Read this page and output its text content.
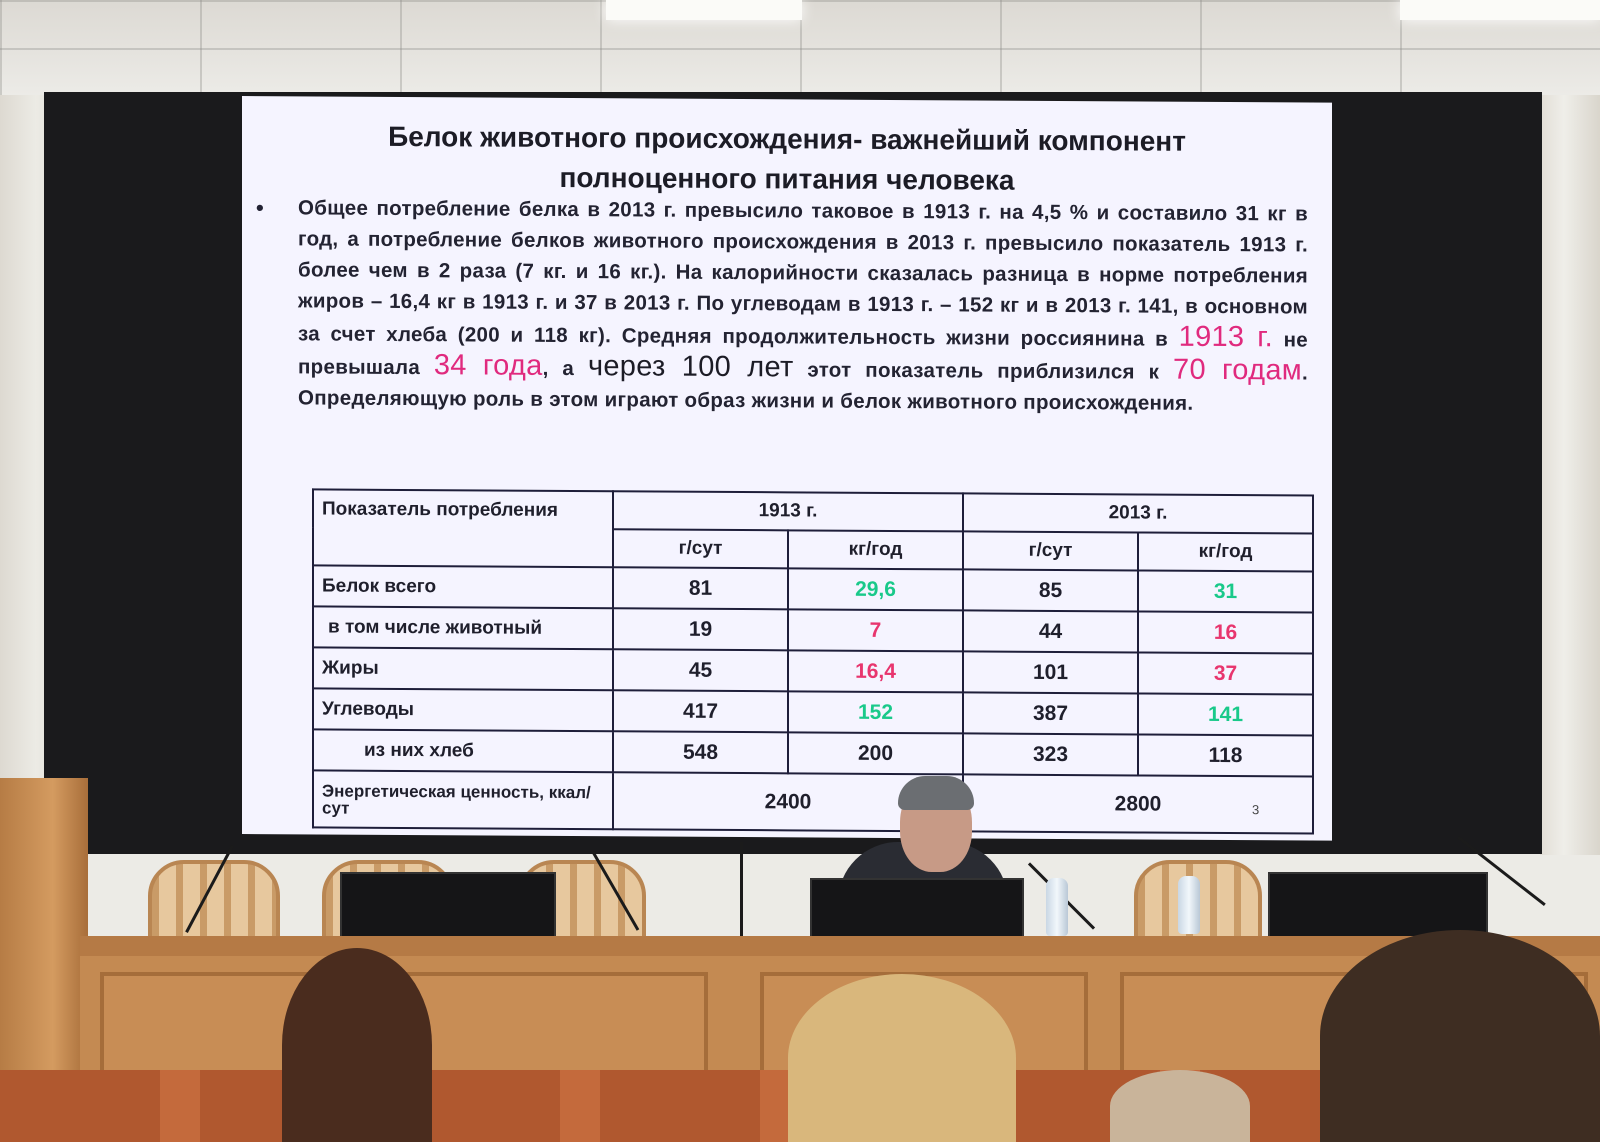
Белок животного происхождения- важнейший компонент
полноценного питания человека
• Общее потребление белка в 2013 г. превысило таковое в 1913 г. на 4,5 % и составило 31 кг в год, а потребление белков животного происхождения в 2013 г. превысило показатель 1913 г. более чем в 2 раза (7 кг. и 16 кг.). На калорийности сказалась разница в норме потребления жиров – 16,4 кг в 1913 г. и 37 в 2013 г. По углеводам в 1913 г. – 152 кг и в 2013 г. 141, в основном за счет хлеба (200 и 118 кг). Средняя продолжительность жизни россиянина в 1913 г. не превышала 34 года, а через 100 лет этот показатель приблизился к 70 годам. Определяющую роль в этом играют образ жизни и белок животного происхождения.
Показатель потребления	1913 г.		2013 г.	
	г/сут	кг/год	г/сут	кг/год
Белок всего	81	29,6	85	31
в том числе животный	19	7	44	16
Жиры	45	16,4	101	37
Углеводы	417	152	387	141
из них хлеб	548	200	323	118
Энергетическая ценность, ккал/сут	2400		2800		3
